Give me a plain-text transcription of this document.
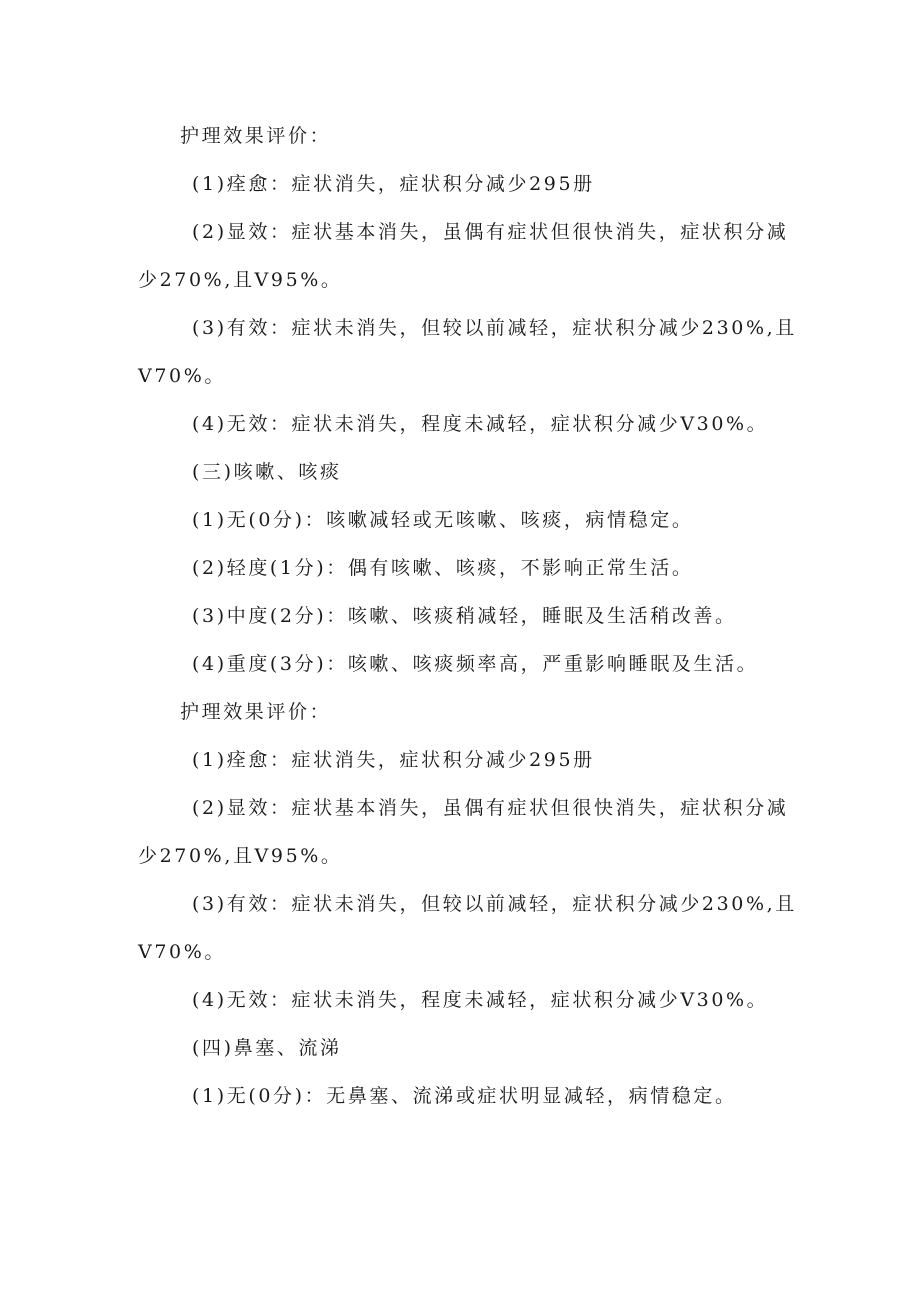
护理效果评价：
(1)痊愈：症状消失，症状积分减少295册
(2)显效：症状基本消失，虽偶有症状但很快消失，症状积分减
少270%,且V95%。
(3)有效：症状未消失，但较以前减轻，症状积分减少230%,且
V70%。
(4)无效：症状未消失，程度未减轻，症状积分减少V30%。
(三)咳嗽、咳痰
(1)无(0分)：咳嗽减轻或无咳嗽、咳痰，病情稳定。
(2)轻度(1分)：偶有咳嗽、咳痰，不影响正常生活。
(3)中度(2分)：咳嗽、咳痰稍减轻，睡眠及生活稍改善。
(4)重度(3分)：咳嗽、咳痰频率高，严重影响睡眠及生活。
护理效果评价：
(1)痊愈：症状消失，症状积分减少295册
(2)显效：症状基本消失，虽偶有症状但很快消失，症状积分减
少270%,且V95%。
(3)有效：症状未消失，但较以前减轻，症状积分减少230%,且
V70%。
(4)无效：症状未消失，程度未减轻，症状积分减少V30%。
(四)鼻塞、流涕
(1)无(0分)：无鼻塞、流涕或症状明显减轻，病情稳定。
